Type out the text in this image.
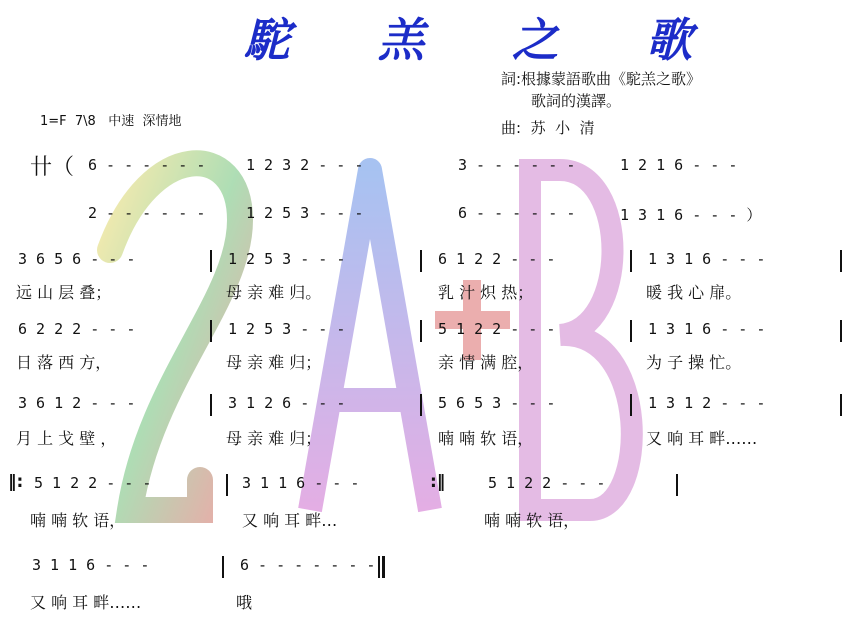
駝 羔 之 歌
詞:根據蒙語歌曲《駝羔之歌》
歌詞的漢譯。
曲:  苏  小  清
1=F  7\8   中速  深情地
卄（ 6 - - - - - -	1 2 3 2 - - -	3 - - - - - -	1 2 1 6 - - -
2 - - - - - -	1 2 5 3 - - -	6 - - - - - -	1 3 1 6 - - - ）
3 6 5 6 - - -	1 2 5 3 - - -	6 1 2 2 - - -	1 3 1 6 - - -
远 山 层 叠；	母 亲 难 归。	乳 汁 炽 热；	暖 我 心 扉。
6 2 2 2 - - -	1 2 5 3 - - -	5 1 2 2 - - -	1 3 1 6 - - -
日 落 西 方，	母 亲 难 归；	亲 情 满 腔，	为 子 操 忙。
3 6 1 2 - - -	3 1 2 6 - - -	5 6 5 3 - - -	1 3 1 2 - - -
月 上 戈 壁 ，	母 亲 难 归；	喃 喃 软 语，	又 响 耳 畔……
‖: 5 1 2 2 - - -	3 1 1 6 - - -	:‖	5 1 2 2 - - -
喃 喃 软 语，	又 响 耳 畔…	喃 喃 软 语，
3 1 1 6 - - -	6 - - - - - - -
又 响 耳 畔……	哦
